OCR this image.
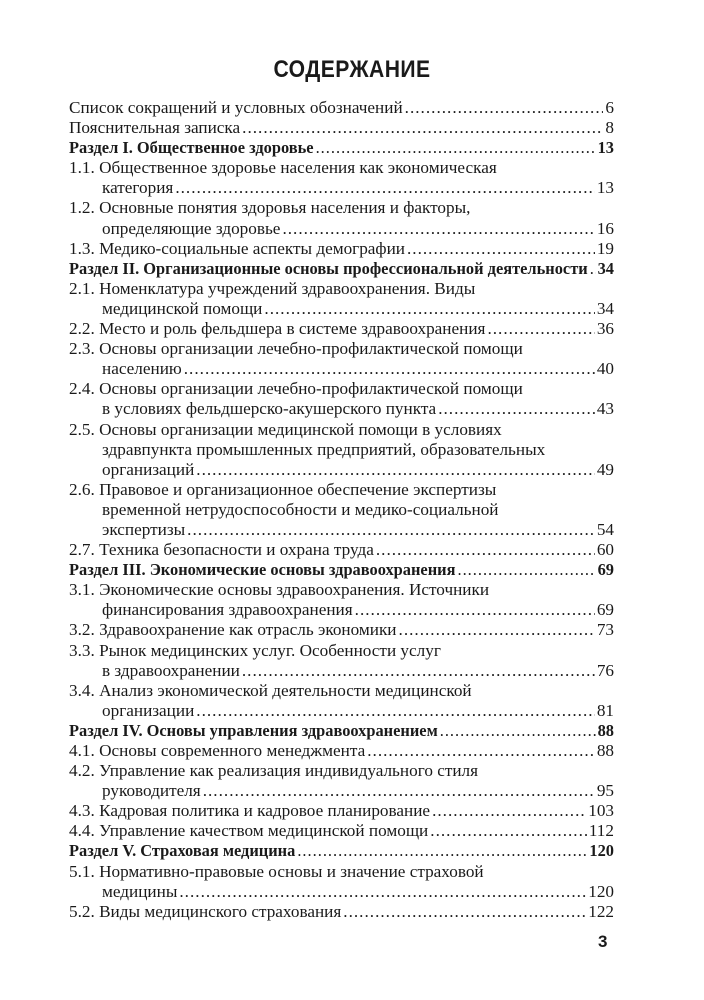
СОДЕРЖАНИЕ
Список сокращений и условных обозначений .....	6
Пояснительная записка .....	8
Раздел I. Общественное здоровье .....	13
1.1. Общественное здоровье населения как экономическая
категория .....	13
1.2. Основные понятия здоровья населения и факторы,
определяющие здоровье .....	16
1.3. Медико-социальные аспекты демографии .....	19
Раздел II. Организационные основы профессиональной деятельности ..... 34
2.1. Номенклатура учреждений здравоохранения. Виды
медицинской помощи .....	34
2.2. Место и роль фельдшера в системе здравоохранения .....	36
2.3. Основы организации лечебно-профилактической помощи
населению .....	40
2.4. Основы организации лечебно-профилактической помощи
в условиях фельдшерско-акушерского пункта .....	43
2.5. Основы организации медицинской помощи в условиях
здравпункта промышленных предприятий, образовательных
организаций .....	49
2.6. Правовое и организационное обеспечение экспертизы
временной нетрудоспособности и медико-социальной
экспертизы .....	54
2.7. Техника безопасности и охрана труда .....	60
Раздел III. Экономические основы здравоохранения .....	69
3.1. Экономические основы здравоохранения. Источники
финансирования здравоохранения .....	69
3.2. Здравоохранение как отрасль экономики .....	73
3.3. Рынок медицинских услуг. Особенности услуг
в здравоохранении .....	76
3.4. Анализ экономической деятельности медицинской
организации .....	81
Раздел IV. Основы управления здравоохранением .....	88
4.1. Основы современного менеджмента .....	88
4.2. Управление как реализация индивидуального стиля
руководителя .....	95
4.3. Кадровая политика и кадровое планирование .....	103
4.4. Управление качеством медицинской помощи .....	112
Раздел V. Страховая медицина .....	120
5.1. Нормативно-правовые основы и значение страховой
медицины .....	120
5.2. Виды медицинского страхования .....	122
3
